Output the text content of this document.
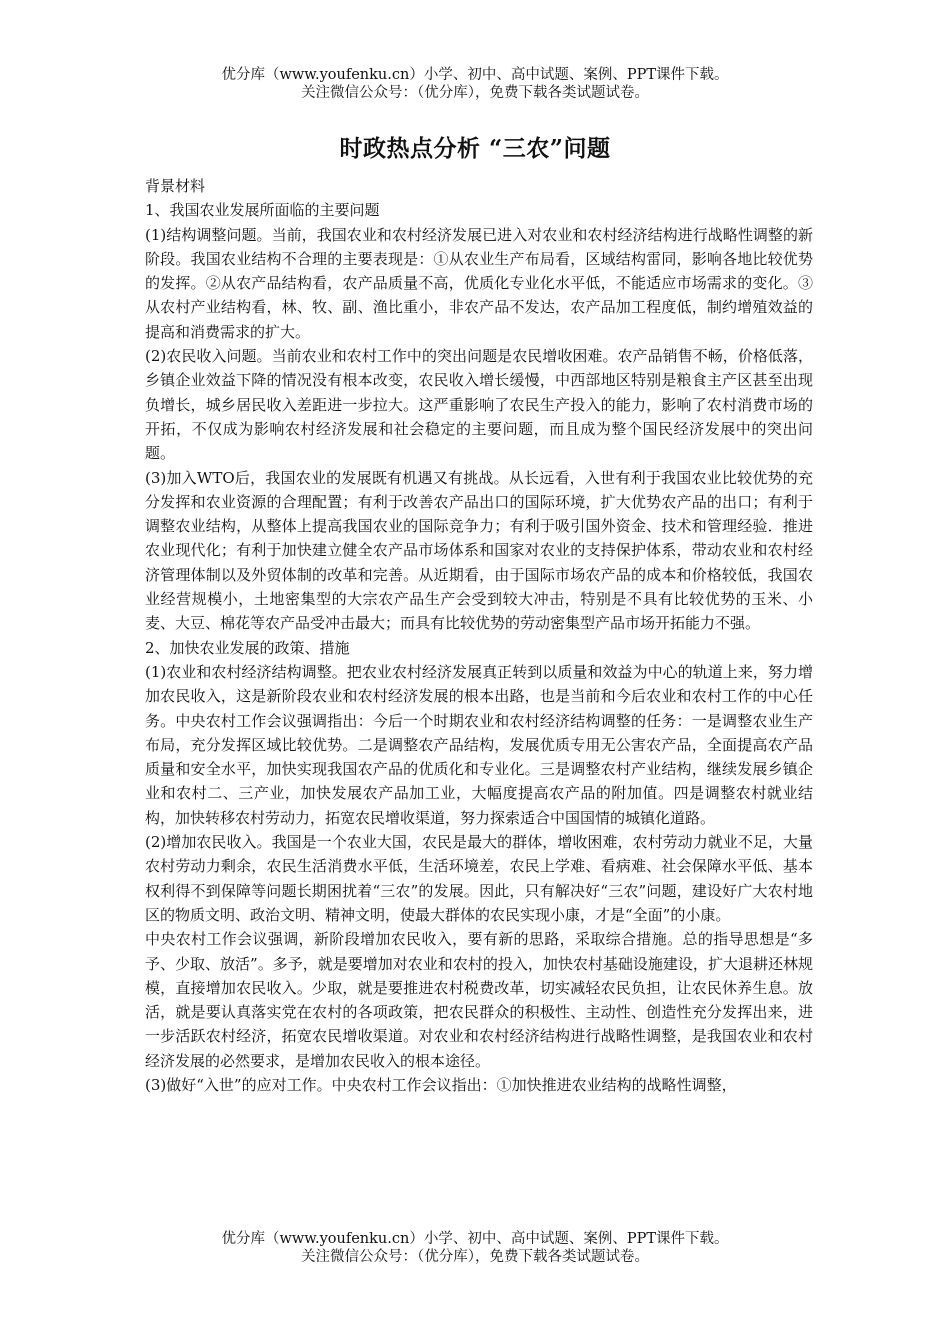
优分库（www.youfenku.cn）小学、初中、高中试题、案例、PPT课件下载。
关注微信公众号：（优分库），免费下载各类试题试卷。
时政热点分析 “三农”问题

背景材料

1、我国农业发展所面临的主要问题

(1)结构调整问题。当前，我国农业和农村经济发展已进入对农业和农村经济结构进行战略性调整的新阶段。我国农业结构不合理的主要表现是：①从农业生产布局看，区域结构雷同，影响各地比较优势的发挥。②从农产品结构看，农产品质量不高，优质化专业化水平低，不能适应市场需求的变化。③从农村产业结构看，林、牧、副、渔比重小，非农产品不发达，农产品加工程度低，制约增殖效益的提高和消费需求的扩大。

(2)农民收入问题。当前农业和农村工作中的突出问题是农民增收困难。农产品销售不畅，价格低落，乡镇企业效益下降的情况没有根本改变，农民收入增长缓慢，中西部地区特别是粮食主产区甚至出现负增长，城乡居民收入差距进一步拉大。这严重影响了农民生产投入的能力，影响了农村消费市场的开拓，不仅成为影响农村经济发展和社会稳定的主要问题，而且成为整个国民经济发展中的突出问题。

(3)加入WTO后，我国农业的发展既有机遇又有挑战。从长远看，入世有利于我国农业比较优势的充分发挥和农业资源的合理配置；有利于改善农产品出口的国际环境，扩大优势农产品的出口；有利于调整农业结构，从整体上提高我国农业的国际竞争力；有利于吸引国外资金、技术和管理经验．推进农业现代化；有利于加快建立健全农产品市场体系和国家对农业的支持保护体系，带动农业和农村经济管理体制以及外贸体制的改革和完善。从近期看，由于国际市场农产品的成本和价格较低，我国农业经营规模小，土地密集型的大宗农产品生产会受到较大冲击，特别是不具有比较优势的玉米、小麦、大豆、棉花等农产品受冲击最大；而具有比较优势的劳动密集型产品市场开拓能力不强。

2、加快农业发展的政策、措施

(1)农业和农村经济结构调整。把农业农村经济发展真正转到以质量和效益为中心的轨道上来，努力增加农民收入，这是新阶段农业和农村经济发展的根本出路，也是当前和今后农业和农村工作的中心任务。中央农村工作会议强调指出：今后一个时期农业和农村经济结构调整的任务：一是调整农业生产布局，充分发挥区域比较优势。二是调整农产品结构，发展优质专用无公害农产品，全面提高农产品质量和安全水平，加快实现我国农产品的优质化和专业化。三是调整农村产业结构，继续发展乡镇企业和农村二、三产业，加快发展农产品加工业，大幅度提高农产品的附加值。四是调整农村就业结构，加快转移农村劳动力，拓宽农民增收渠道，努力探索适合中国国情的城镇化道路。

(2)增加农民收入。我国是一个农业大国，农民是最大的群体，增收困难，农村劳动力就业不足，大量农村劳动力剩余，农民生活消费水平低，生活环境差，农民上学难、看病难、社会保障水平低、基本权利得不到保障等问题长期困扰着“三农”的发展。因此，只有解决好“三农”问题，建设好广大农村地区的物质文明、政治文明、精神文明，使最大群体的农民实现小康，才是“全面”的小康。

中央农村工作会议强调，新阶段增加农民收入，要有新的思路，采取综合措施。总的指导思想是“多予、少取、放活”。多予，就是要增加对农业和农村的投入，加快农村基础设施建设，扩大退耕还林规模，直接增加农民收入。少取，就是要推进农村税费改革，切实减轻农民负担，让农民休养生息。放活，就是要认真落实党在农村的各项政策，把农民群众的积极性、主动性、创造性充分发挥出来，进一步活跃农村经济，拓宽农民增收渠道。对农业和农村经济结构进行战略性调整，是我国农业和农村经济发展的必然要求，是增加农民收入的根本途径。

(3)做好“入世”的应对工作。中央农村工作会议指出：①加快推进农业结构的战略性调整，

优分库（www.youfenku.cn）小学、初中、高中试题、案例、PPT课件下载。
关注微信公众号：（优分库），免费下载各类试题试卷。
